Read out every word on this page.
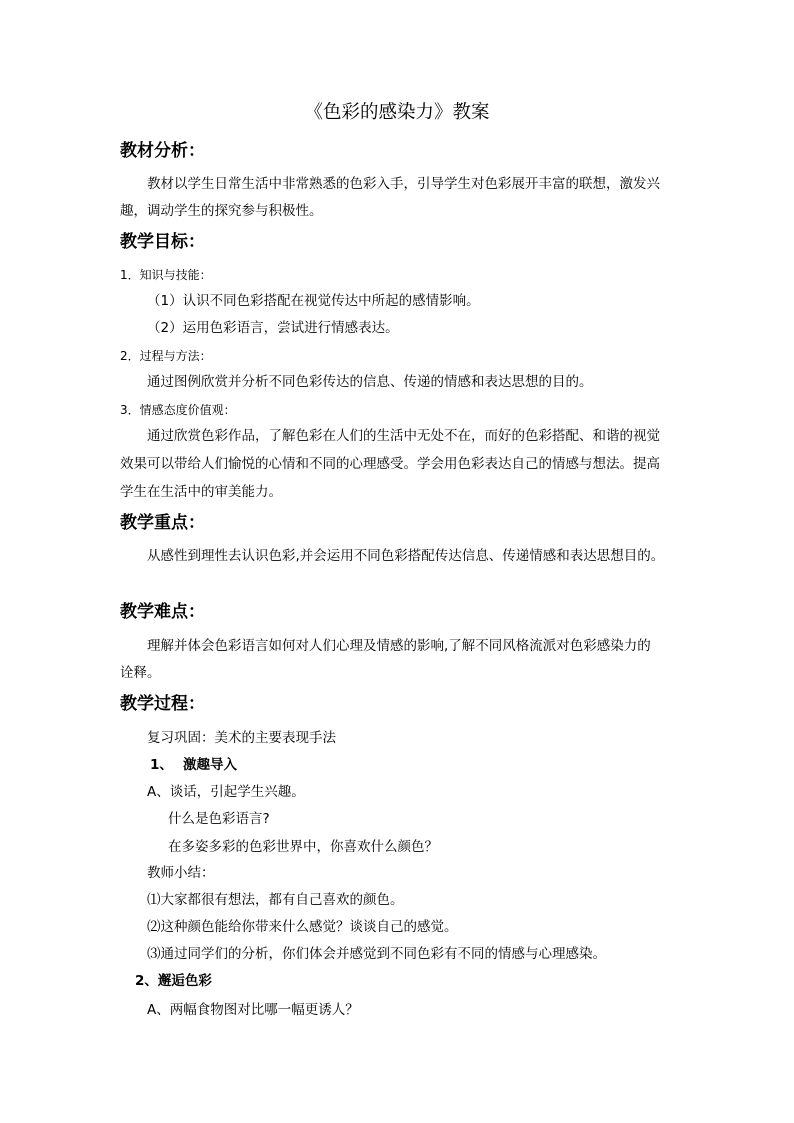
《色彩的感染力》教案
教材分析：
教材以学生日常生活中非常熟悉的色彩入手，引导学生对色彩展开丰富的联想，激发兴
趣，调动学生的探究参与积极性。
教学目标：
1．知识与技能：
（1）认识不同色彩搭配在视觉传达中所起的感情影响。
（2）运用色彩语言，尝试进行情感表达。
2．过程与方法：
通过图例欣赏并分析不同色彩传达的信息、传递的情感和表达思想的目的。
3．情感态度价值观：
通过欣赏色彩作品，了解色彩在人们的生活中无处不在，而好的色彩搭配、和谐的视觉
效果可以带给人们愉悦的心情和不同的心理感受。学会用色彩表达自己的情感与想法。提高
学生在生活中的审美能力。
教学重点：
从感性到理性去认识色彩,并会运用不同色彩搭配传达信息、传递情感和表达思想目的。
教学难点：
理解并体会色彩语言如何对人们心理及情感的影响,了解不同风格流派对色彩感染力的
诠释。
教学过程：
复习巩固：美术的主要表现手法
1、 激趣导入
A、谈话，引起学生兴趣。
什么是色彩语言?
在多姿多彩的色彩世界中，你喜欢什么颜色？
教师小结：
⑴大家都很有想法，都有自己喜欢的颜色。
⑵这种颜色能给你带来什么感觉？谈谈自己的感觉。
⑶通过同学们的分析，你们体会并感觉到不同色彩有不同的情感与心理感染。
2、邂逅色彩
A、两幅食物图对比哪一幅更诱人？
